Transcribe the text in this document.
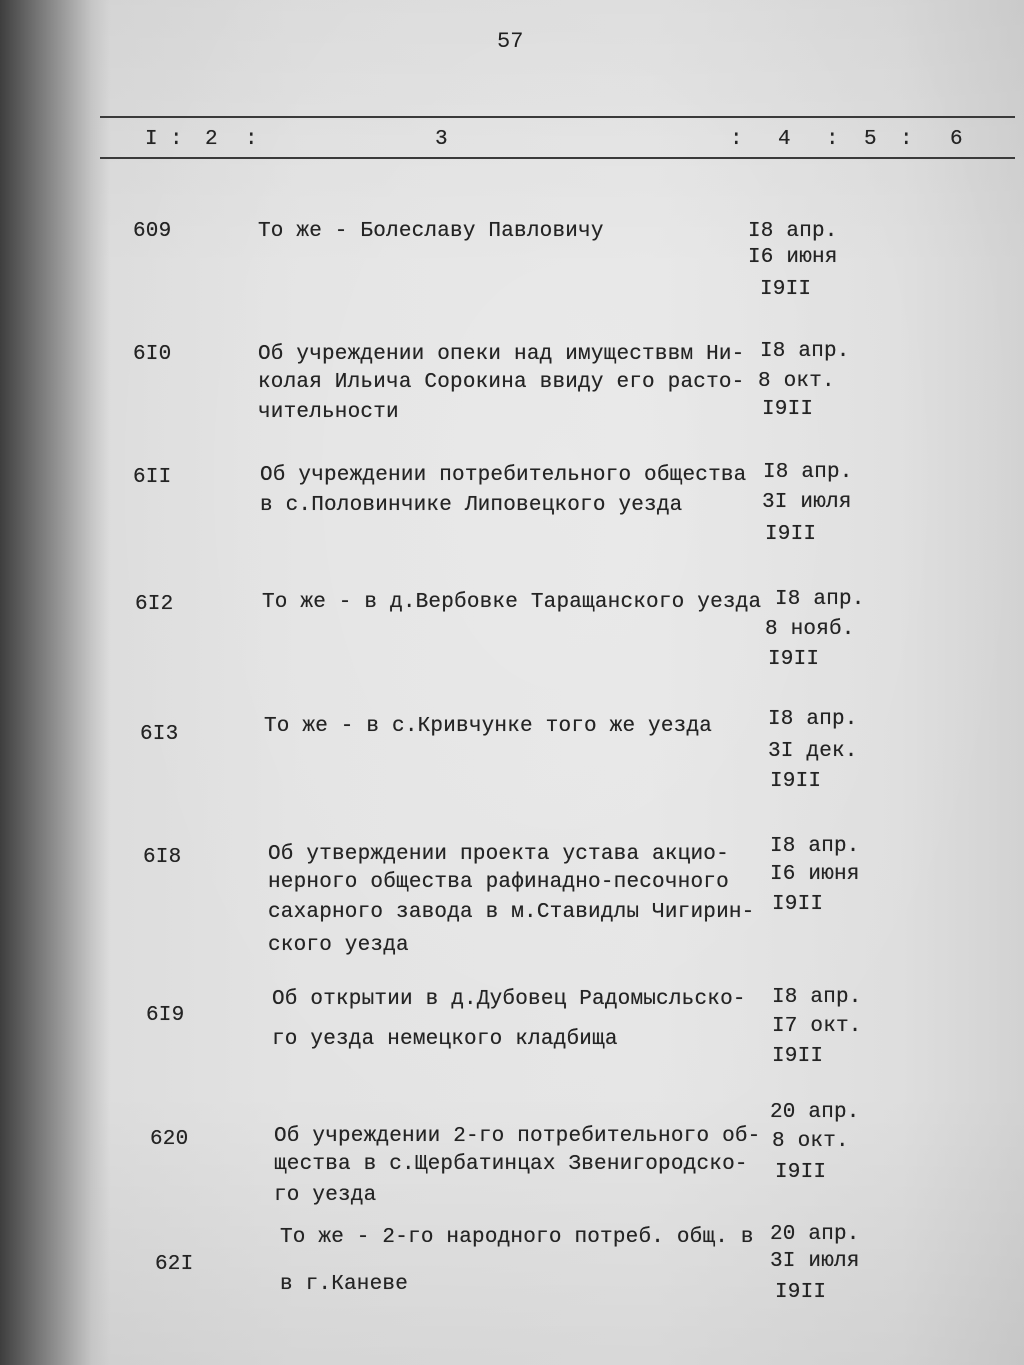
57
I : 2 :	3	: 4 : 5 : 6
609	То же - Болеславу Павловичу	I8 апр.
I6 июня
I9II
6I0	Об учреждении опеки над имуществвм Ни-
колая Ильича Сорокина ввиду его расто-
чительности
I8 апр.
8 окт.
I9II
6II	Об учреждении потребительного общества
в с.Половинчике Липовецкого уезда
I8 апр.
3I июля
I9II
6I2	То же - в д.Вербовке Таращанского уезда I8 апр.
8 нояб.
I9II
6I3	То же - в с.Кривчунке того же уезда	I8 апр.
3I дек.
I9II
6I8	Об утверждении проекта устава акцио-
нерного общества рафинадно-песочного
сахарного завода в м.Ставидлы Чигирин-
ского уезда
I8 апр.
I6 июня
I9II
6I9
Об открытии в д.Дубовец Радомысльско-
го уезда немецкого кладбища
I8 апр.
I7 окт.
I9II
620	Об учреждении 2-го потребительного об-
щества в с.Щербатинцах Звенигородско-
го уезда
20 апр.
8 окт.
I9II
62I
То же - 2-го народного потреб. общ. в
в г.Каневе
20 апр.
3I июля
I9II
